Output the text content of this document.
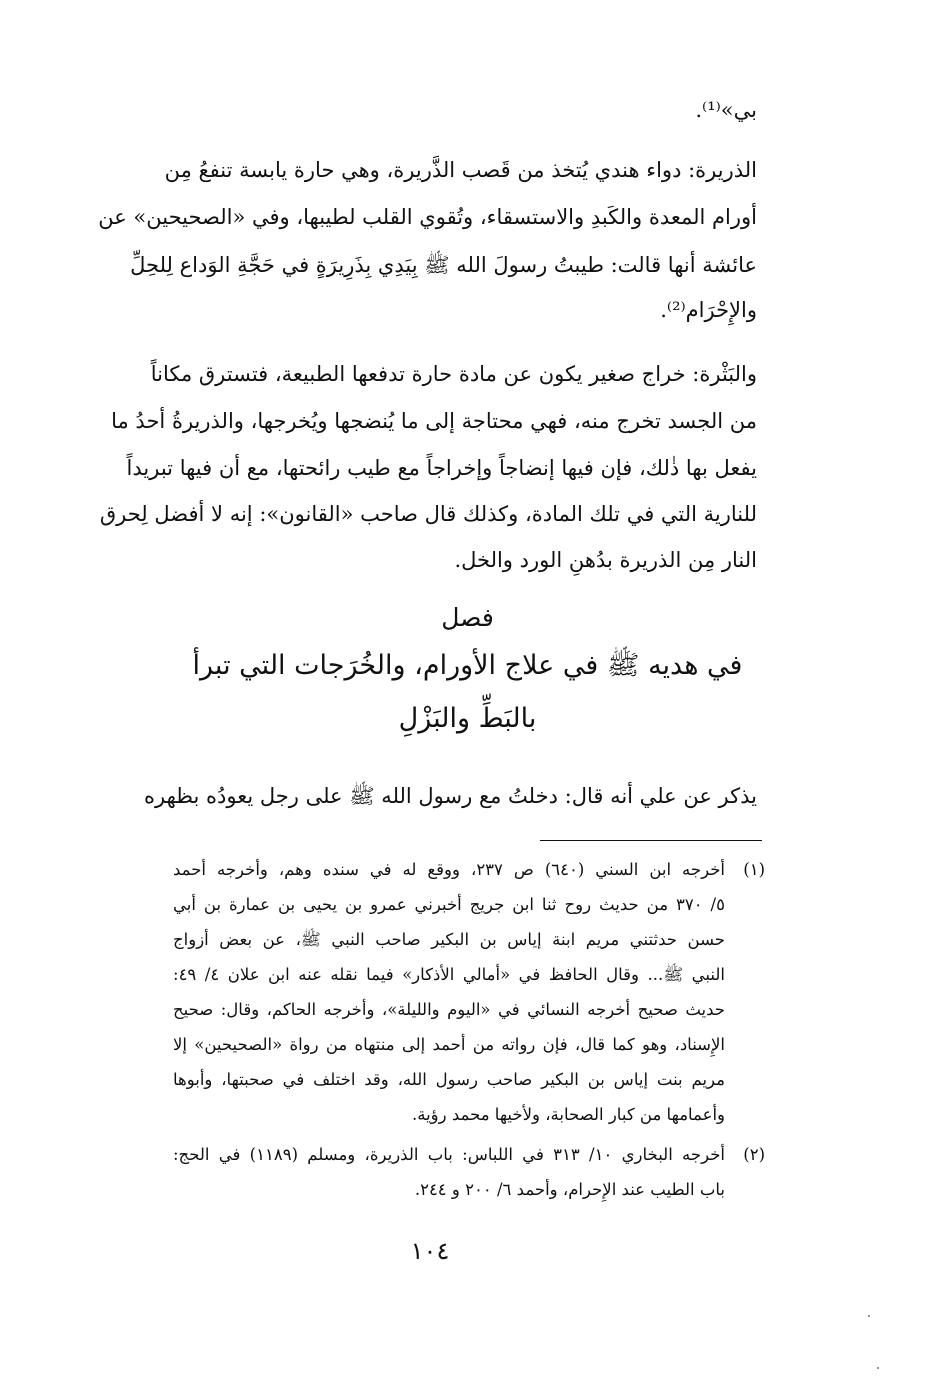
بي»⁽¹⁾.
الذريرة: دواء هندي يُتخذ من قَصب الذَّريرة، وهي حارة يابسة تنفعُ مِن
أورام المعدة والكَبدِ والاستسقاء، وتُقوي القلب لطيبها، وفي «الصحيحين» عن
عائشة أنها قالت: طيبتُ رسولَ الله ﷺ بِيَدِي بِذَرِيرَةٍ في حَجَّةِ الوَداع لِلحِلِّ
والإِحْرَام⁽²⁾.
والبَثْرة: خراج صغير يكون عن مادة حارة تدفعها الطبيعة، فتسترق مكاناً
من الجسد تخرج منه، فهي محتاجة إلى ما يُنضجها ويُخرجها، والذريرةُ أحدُ ما
يفعل بها ذٰلك، فإن فيها إنضاجاً وإخراجاً مع طيب رائحتها، مع أن فيها تبريداً
للنارية التي في تلك المادة، وكذلك قال صاحب «القانون»: إنه لا أفضل لِحرق
النار مِن الذريرة بدُهنِ الورد والخل.
فصل
في هديه ﷺ في علاج الأورام، والخُرَجات التي تبرأ
بالبَطِّ والبَزْلِ
يذكر عن علي أنه قال: دخلتُ مع رسول الله ﷺ على رجل يعودُه بظهره
(١)
أخرجه ابن السني (٦٤٠) ص ٢٣٧، ووقع له في سنده وهم، وأخرجه أحمد
٥/ ٣٧٠ من حديث روح ثنا ابن جريج أخبرني عمرو بن يحيى بن عمارة بن أبي
حسن حدثتني مريم ابنة إياس بن البكير صاحب النبي ﷺ، عن بعض أزواج
النبي ﷺ... وقال الحافظ في «أمالي الأذكار» فيما نقله عنه ابن علان ٤/ ٤٩:
حديث صحيح أخرجه النسائي في «اليوم والليلة»، وأخرجه الحاكم، وقال: صحيح
الإِسناد، وهو كما قال، فإن رواته من أحمد إلى منتهاه من رواة «الصحيحين» إلا
مريم بنت إياس بن البكير صاحب رسول الله، وقد اختلف في صحبتها، وأبوها
وأعمامها من كبار الصحابة، ولأخيها محمد رؤية.
(٢)
أخرجه البخاري ١٠/ ٣١٣ في اللباس: باب الذريرة، ومسلم (١١٨٩) في الحج:
باب الطيب عند الإِحرام، وأحمد ٦/ ٢٠٠ و ٢٤٤.
١٠٤
